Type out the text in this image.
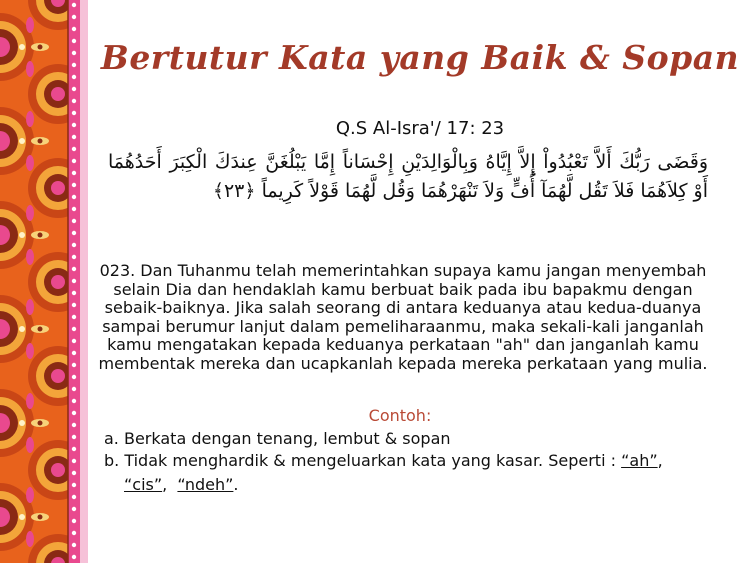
Bertutur Kata yang Baik & Sopan
Q.S Al-Isra'/ 17: 23
وَقَضَى رَبُّكَ أَلاَّ تَعْبُدُواْ إِلاَّ إِيَّاهُ وَبِالْوَالِدَيْنِ إِحْسَاناً إِمَّا يَبْلُغَنَّ عِندَكَ الْكِبَرَ أَحَدُهُمَا أَوْ كِلاَهُمَا فَلاَ تَقُل لَّهُمَآ أُفٍّ وَلاَ تَنْهَرْهُمَا وَقُل لَّهُمَا قَوْلاً كَرِيماً ﴿٢٣﴾
023. Dan Tuhanmu telah memerintahkan supaya kamu jangan menyembah selain Dia dan hendaklah kamu berbuat baik pada ibu bapakmu dengan sebaik-baiknya. Jika salah seorang di antara keduanya atau kedua-duanya sampai berumur lanjut dalam pemeliharaanmu, maka sekali-kali janganlah kamu mengatakan kepada keduanya perkataan "ah" dan janganlah kamu membentak mereka dan ucapkanlah kepada mereka perkataan yang mulia.
Contoh:
a. Berkata dengan tenang, lembut & sopan
b. Tidak menghardik & mengeluarkan kata yang kasar. Seperti : “ah”,
“cis”,  “ndeh”.
